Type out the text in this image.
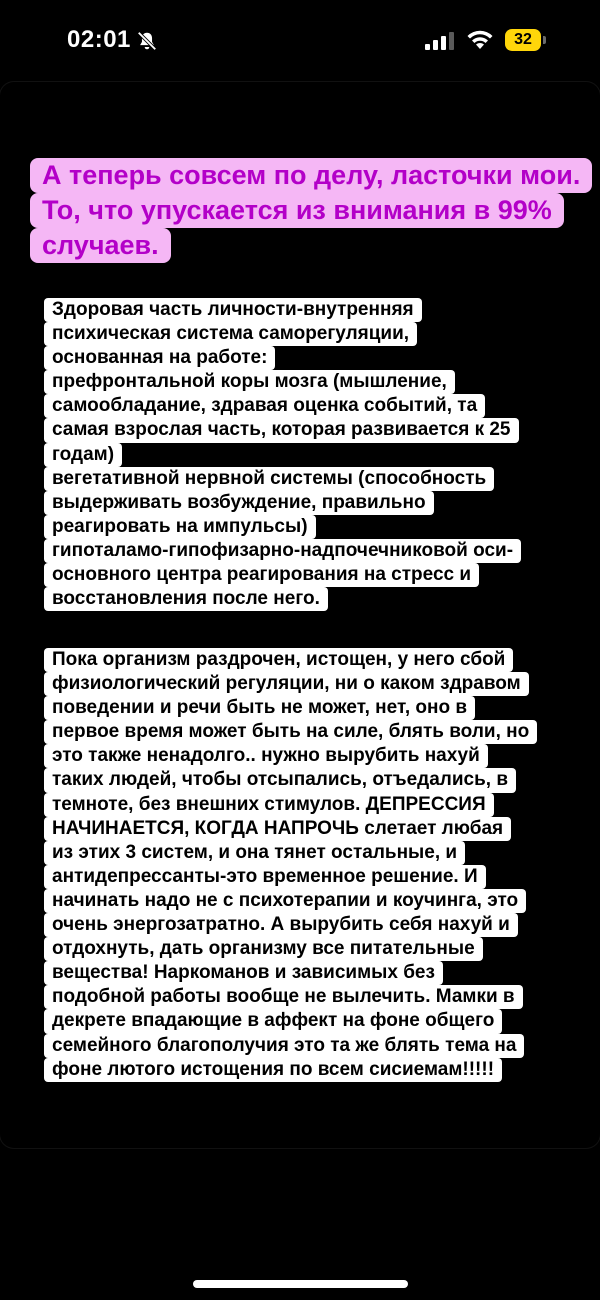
02:01	32
А теперь совсем по делу, ласточки мои.
То, что упускается из внимания в 99%
случаев.
Здоровая часть личности-внутренняя
психическая система саморегуляции,
основанная на работе:
префронтальной коры мозга (мышление,
самообладание, здравая оценка событий, та
самая взрослая часть, которая развивается к 25
годам)
вегетативной нервной системы (способность
выдерживать возбуждение, правильно
реагировать на импульсы)
гипоталамо-гипофизарно-надпочечниковой оси-
основного центра реагирования на стресс и
восстановления после него.
Пока организм раздрочен, истощен, у него сбой
физиологический регуляции, ни о каком здравом
поведении и речи быть не может, нет, оно в
первое время может быть на силе, блять воли, но
это также ненадолго.. нужно вырубить нахуй
таких людей, чтобы отсыпались, отъедались, в
темноте, без внешних стимулов. ДЕПРЕССИЯ
НАЧИНАЕТСЯ, КОГДА НАПРОЧЬ слетает любая
из этих 3 систем, и она тянет остальные, и
антидепрессанты-это временное решение. И
начинать надо не с психотерапии и коучинга, это
очень энергозатратно. А вырубить себя нахуй и
отдохнуть, дать организму все питательные
вещества! Наркоманов и зависимых без
подобной работы вообще не вылечить. Мамки в
декрете впадающие в аффект на фоне общего
семейного благополучия это та же блять тема на
фоне лютого истощения по всем сисиемам!!!!!
